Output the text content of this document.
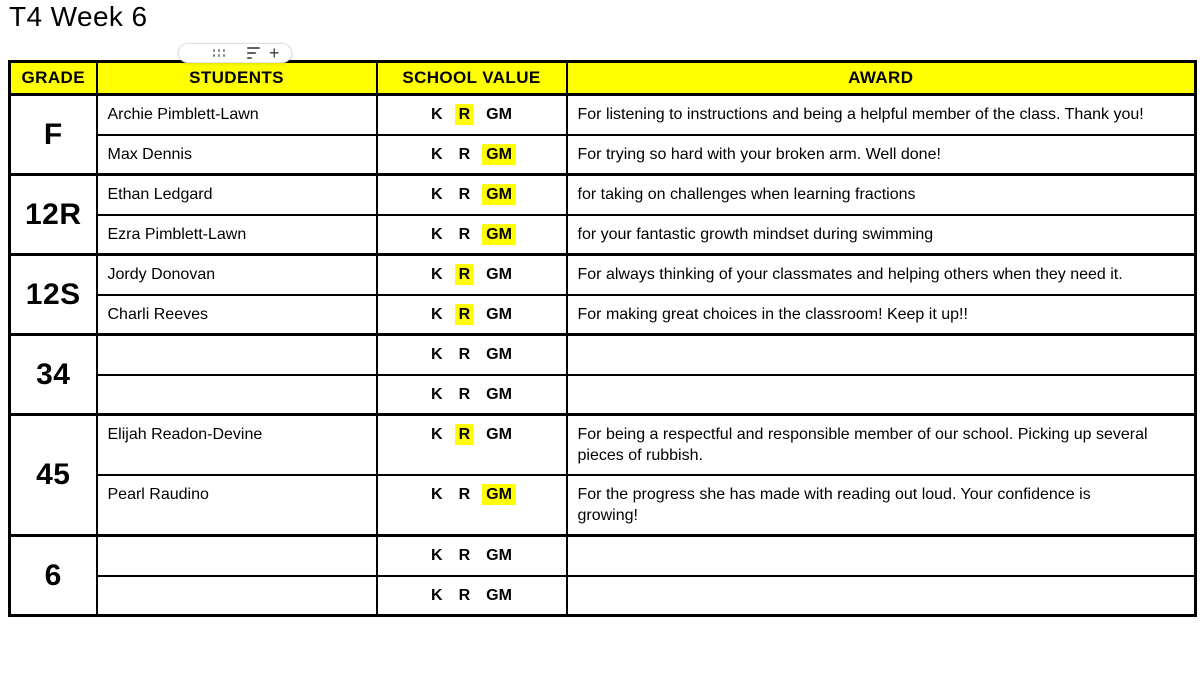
T4 Week 6
+
GRADE	STUDENTS	SCHOOL VALUE	AWARD
F	Archie Pimblett-Lawn	K R GM	For listening to instructions and being a helpful member of the class. Thank you!

	Max Dennis	K R GM	For trying so hard with your broken arm. Well done!

12R	Ethan Ledgard	K R GM	for taking on challenges when learning fractions

	Ezra Pimblett-Lawn	K R GM	for your fantastic growth mindset during swimming

12S	Jordy Donovan	K R GM	For always thinking of your classmates and helping others when they need it.

	Charli Reeves	K R GM	For making great choices in the classroom! Keep it up!!

34		K R GM	

		K R GM	

45	Elijah Readon-Devine	K R GM	For being a respectful and responsible member of our school. Picking up several pieces of rubbish.

	Pearl Raudino	K R GM	For the progress she has made with reading out loud. Your confidence is growing!

6		K R GM	

		K R GM	
